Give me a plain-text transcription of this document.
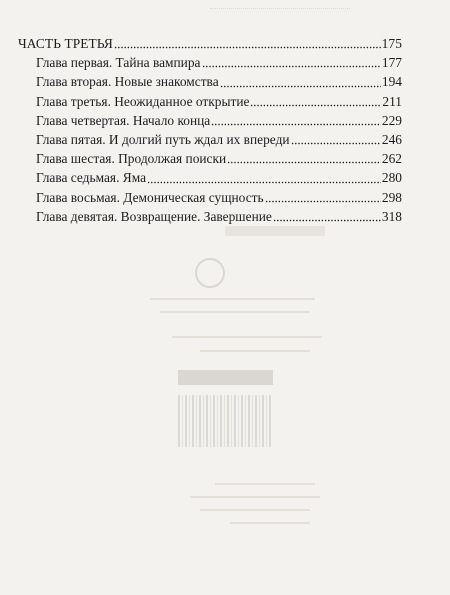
ЧАСТЬ ТРЕТЬЯ	175
Глава первая. Тайна вампира	177
Глава вторая. Новые знакомства	194
Глава третья. Неожиданное открытие	211
Глава четвертая. Начало конца	229
Глава пятая. И долгий путь ждал их впереди	246
Глава шестая. Продолжая поиски	262
Глава седьмая. Яма	280
Глава восьмая. Демоническая сущность	298
Глава девятая. Возвращение. Завершение	318
